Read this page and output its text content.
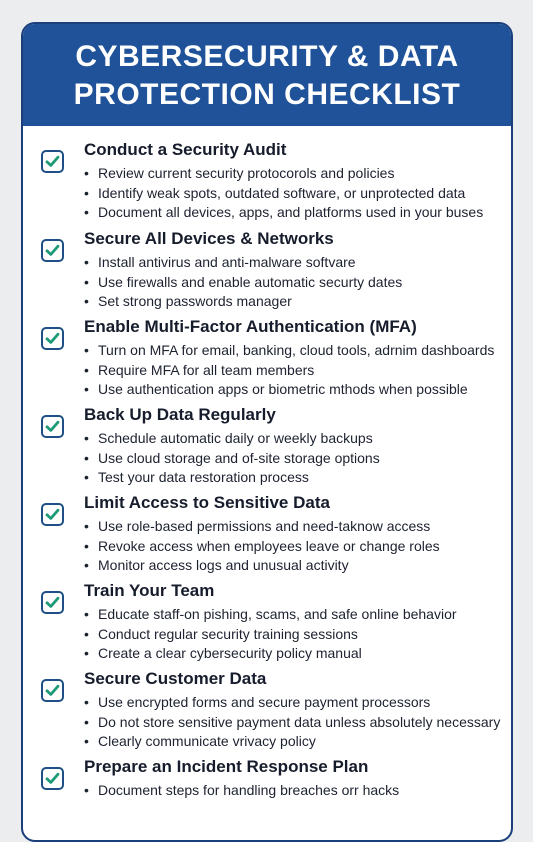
CYBERSECURITY & DATA
PROTECTION CHECKLIST
Conduct a Security Audit
• Review current security protocorols and policies
• Identify weak spots, outdated software, or unprotected data
• Document all devices, apps, and platforms used in your buses
Secure All Devices & Networks
• Install antivirus and anti-malware softvare
• Use firewalls and enable automatic securty dates
• Set strong passwords manager
Enable Multi-Factor Authentication (MFA)
• Turn on MFA for email, banking, cloud tools, adrnim dashboards
• Require MFA for all team members
• Use authentication apps or biometric mthods when possible
Back Up Data Regularly
• Schedule automatic daily or weekly backups
• Use cloud storage and of-site storage options
• Test your data restoration process
Limit Access to Sensitive Data
• Use role-based permissions and need-taknow access
• Revoke access when employees leave or change roles
• Monitor access logs and unusual activity
Train Your Team
• Educate staff-on pishing, scams, and safe online behavior
• Conduct regular security training sessions
• Create a clear cybersecurity policy manual
Secure Customer Data
• Use encrypted forms and secure payment processors
• Do not store sensitive payment data unless absolutely necessary
• Clearly communicate vrivacy policy
Prepare an Incident Response Plan
• Document steps for handling breaches orr hacks
